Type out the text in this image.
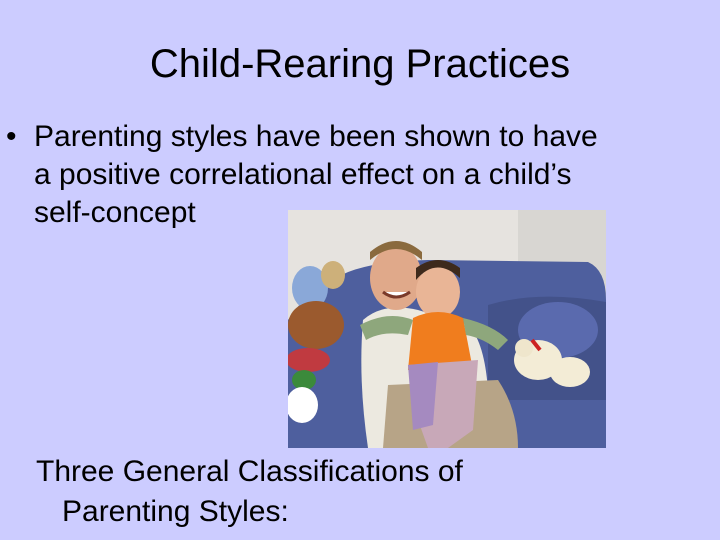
Child-Rearing Practices
• Parenting styles have been shown to have
a positive correlational effect on a child’s
self-concept
Three General Classifications of
Parenting Styles:
